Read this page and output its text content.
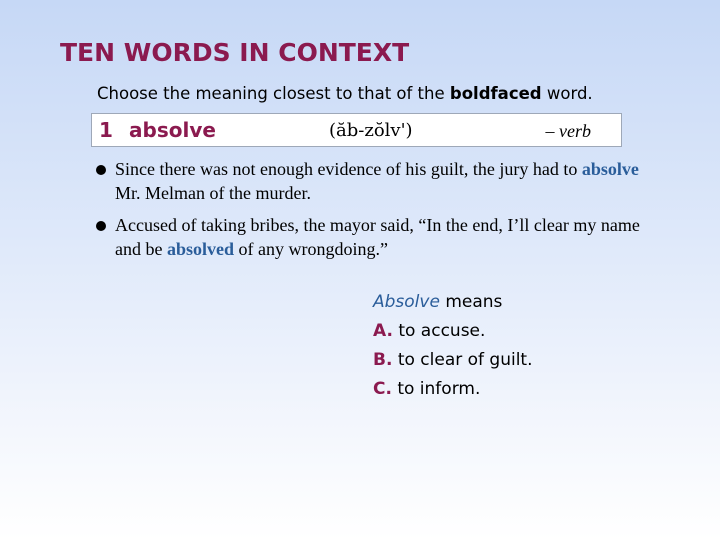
TEN WORDS IN CONTEXT
Choose the meaning closest to that of the boldfaced word.
1 absolve	(ăb-zŏlv')	– verb
Since there was not enough evidence of his guilt, the jury had to absolve Mr. Melman of the murder.
Accused of taking bribes, the mayor said, “In the end, I’ll clear my name and be absolved of any wrongdoing.”
Absolve means
A. to accuse.
B. to clear of guilt.
C. to inform.
